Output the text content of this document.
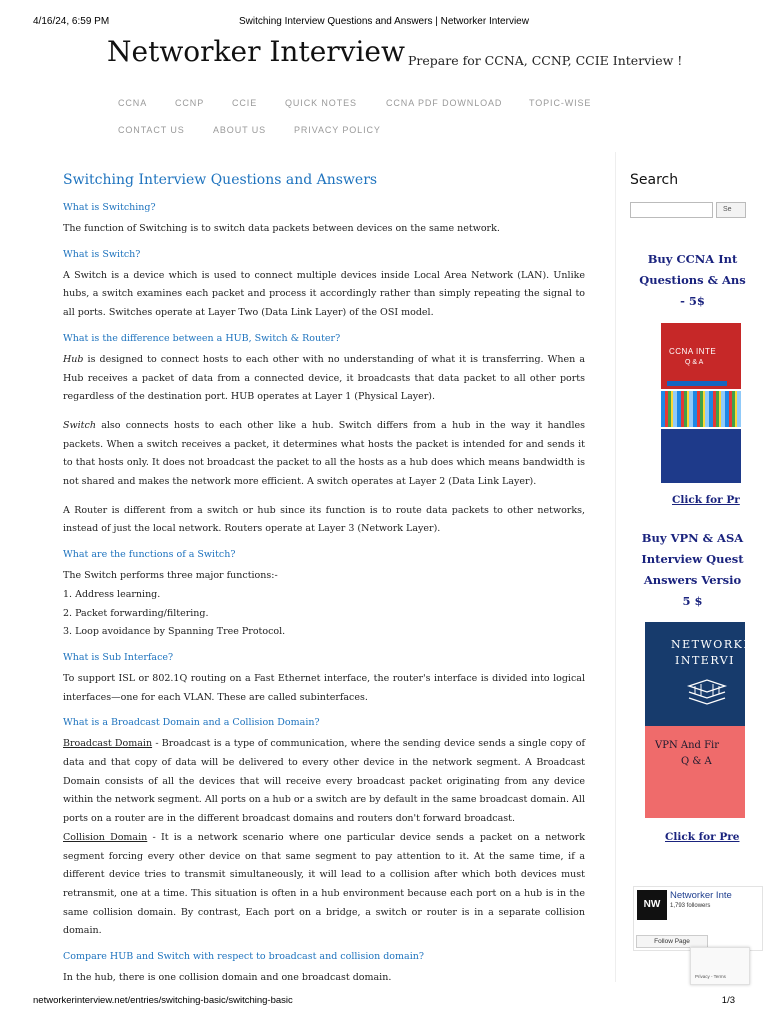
4/16/24, 6:59 PM	Switching Interview Questions and Answers | Networker Interview
Networker Interview Prepare for CCNA, CCNP, CCIE Interview !
CCNA	CCNP	CCIE	QUICK NOTES	CCNA PDF DOWNLOAD	TOPIC-WISE
CONTACT US	ABOUT US	PRIVACY POLICY
Switching Interview Questions and Answers
What is Switching?
The function of Switching is to switch data packets between devices on the same network.
What is Switch?
A Switch is a device which is used to connect multiple devices inside Local Area Network (LAN). Unlike hubs, a switch examines each packet and process it accordingly rather than simply repeating the signal to all ports. Switches operate at Layer Two (Data Link Layer) of the OSI model.
What is the difference between a HUB, Switch & Router?
Hub is designed to connect hosts to each other with no understanding of what it is transferring. When a Hub receives a packet of data from a connected device, it broadcasts that data packet to all other ports regardless of the destination port. HUB operates at Layer 1 (Physical Layer).
Switch also connects hosts to each other like a hub. Switch differs from a hub in the way it handles packets. When a switch receives a packet, it determines what hosts the packet is intended for and sends it to that hosts only. It does not broadcast the packet to all the hosts as a hub does which means bandwidth is not shared and makes the network more efficient. A switch operates at Layer 2 (Data Link Layer).
A Router is different from a switch or hub since its function is to route data packets to other networks, instead of just the local network. Routers operate at Layer 3 (Network Layer).
What are the functions of a Switch?
The Switch performs three major functions:-
1. Address learning.
2. Packet forwarding/filtering.
3. Loop avoidance by Spanning Tree Protocol.
What is Sub Interface?
To support ISL or 802.1Q routing on a Fast Ethernet interface, the router's interface is divided into logical interfaces—one for each VLAN. These are called subinterfaces.
What is a Broadcast Domain and a Collision Domain?
Broadcast Domain - Broadcast is a type of communication, where the sending device sends a single copy of data and that copy of data will be delivered to every other device in the network segment. A Broadcast Domain consists of all the devices that will receive every broadcast packet originating from any device within the network segment. All ports on a hub or a switch are by default in the same broadcast domain. All ports on a router are in the different broadcast domains and routers don't forward broadcast.
Collision Domain - It is a network scenario where one particular device sends a packet on a network segment forcing every other device on that same segment to pay attention to it. At the same time, if a different device tries to transmit simultaneously, it will lead to a collision after which both devices must retransmit, one at a time. This situation is often in a hub environment because each port on a hub is in the same collision domain. By contrast, Each port on a bridge, a switch or router is in a separate collision domain.
Compare HUB and Switch with respect to broadcast and collision domain?
In the hub, there is one collision domain and one broadcast domain.
Search
Se
Buy CCNA Int
Questions & Ans
- 5$
CCNA INTE
Q & A
Click for Pr
Buy VPN & ASA
Interview Quest
Answers Versio
5 $
NETWORKE
INTERVI
VPN And Fir
Q & A
Click for Pre
NW
Networker Inte
1,793 followers
Follow Page
Privacy - Terms
networkerinterview.net/entries/switching-basic/switching-basic	1/3
